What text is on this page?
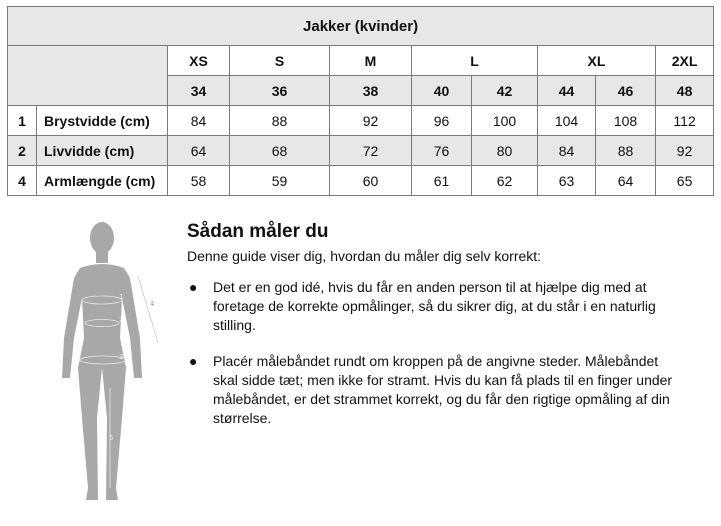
Jakker (kvinder)									
		XS	S	M	L		XL		2XL
		34	36	38	40	42	44	46	48
1	Brystvidde (cm)	84	88	92	96	100	104	108	112
2	Livvidde (cm)	64	68	72	76	80	84	88	92
4	Armlængde (cm)	58	59	60	61	62	63	64	65
1
2
3
5
4
Sådan måler du

Denne guide viser dig, hvordan du måler dig selv korrekt:

● Det er en god idé, hvis du får en anden person til at hjælpe dig med at foretage de korrekte opmålinger, så du sikrer dig, at du står i en naturlig stilling.
● Placér målebåndet rundt om kroppen på de angivne steder. Målebåndet skal sidde tæt; men ikke for stramt. Hvis du kan få plads til en finger under målebåndet, er det strammet korrekt, og du får den rigtige opmåling af din størrelse.
